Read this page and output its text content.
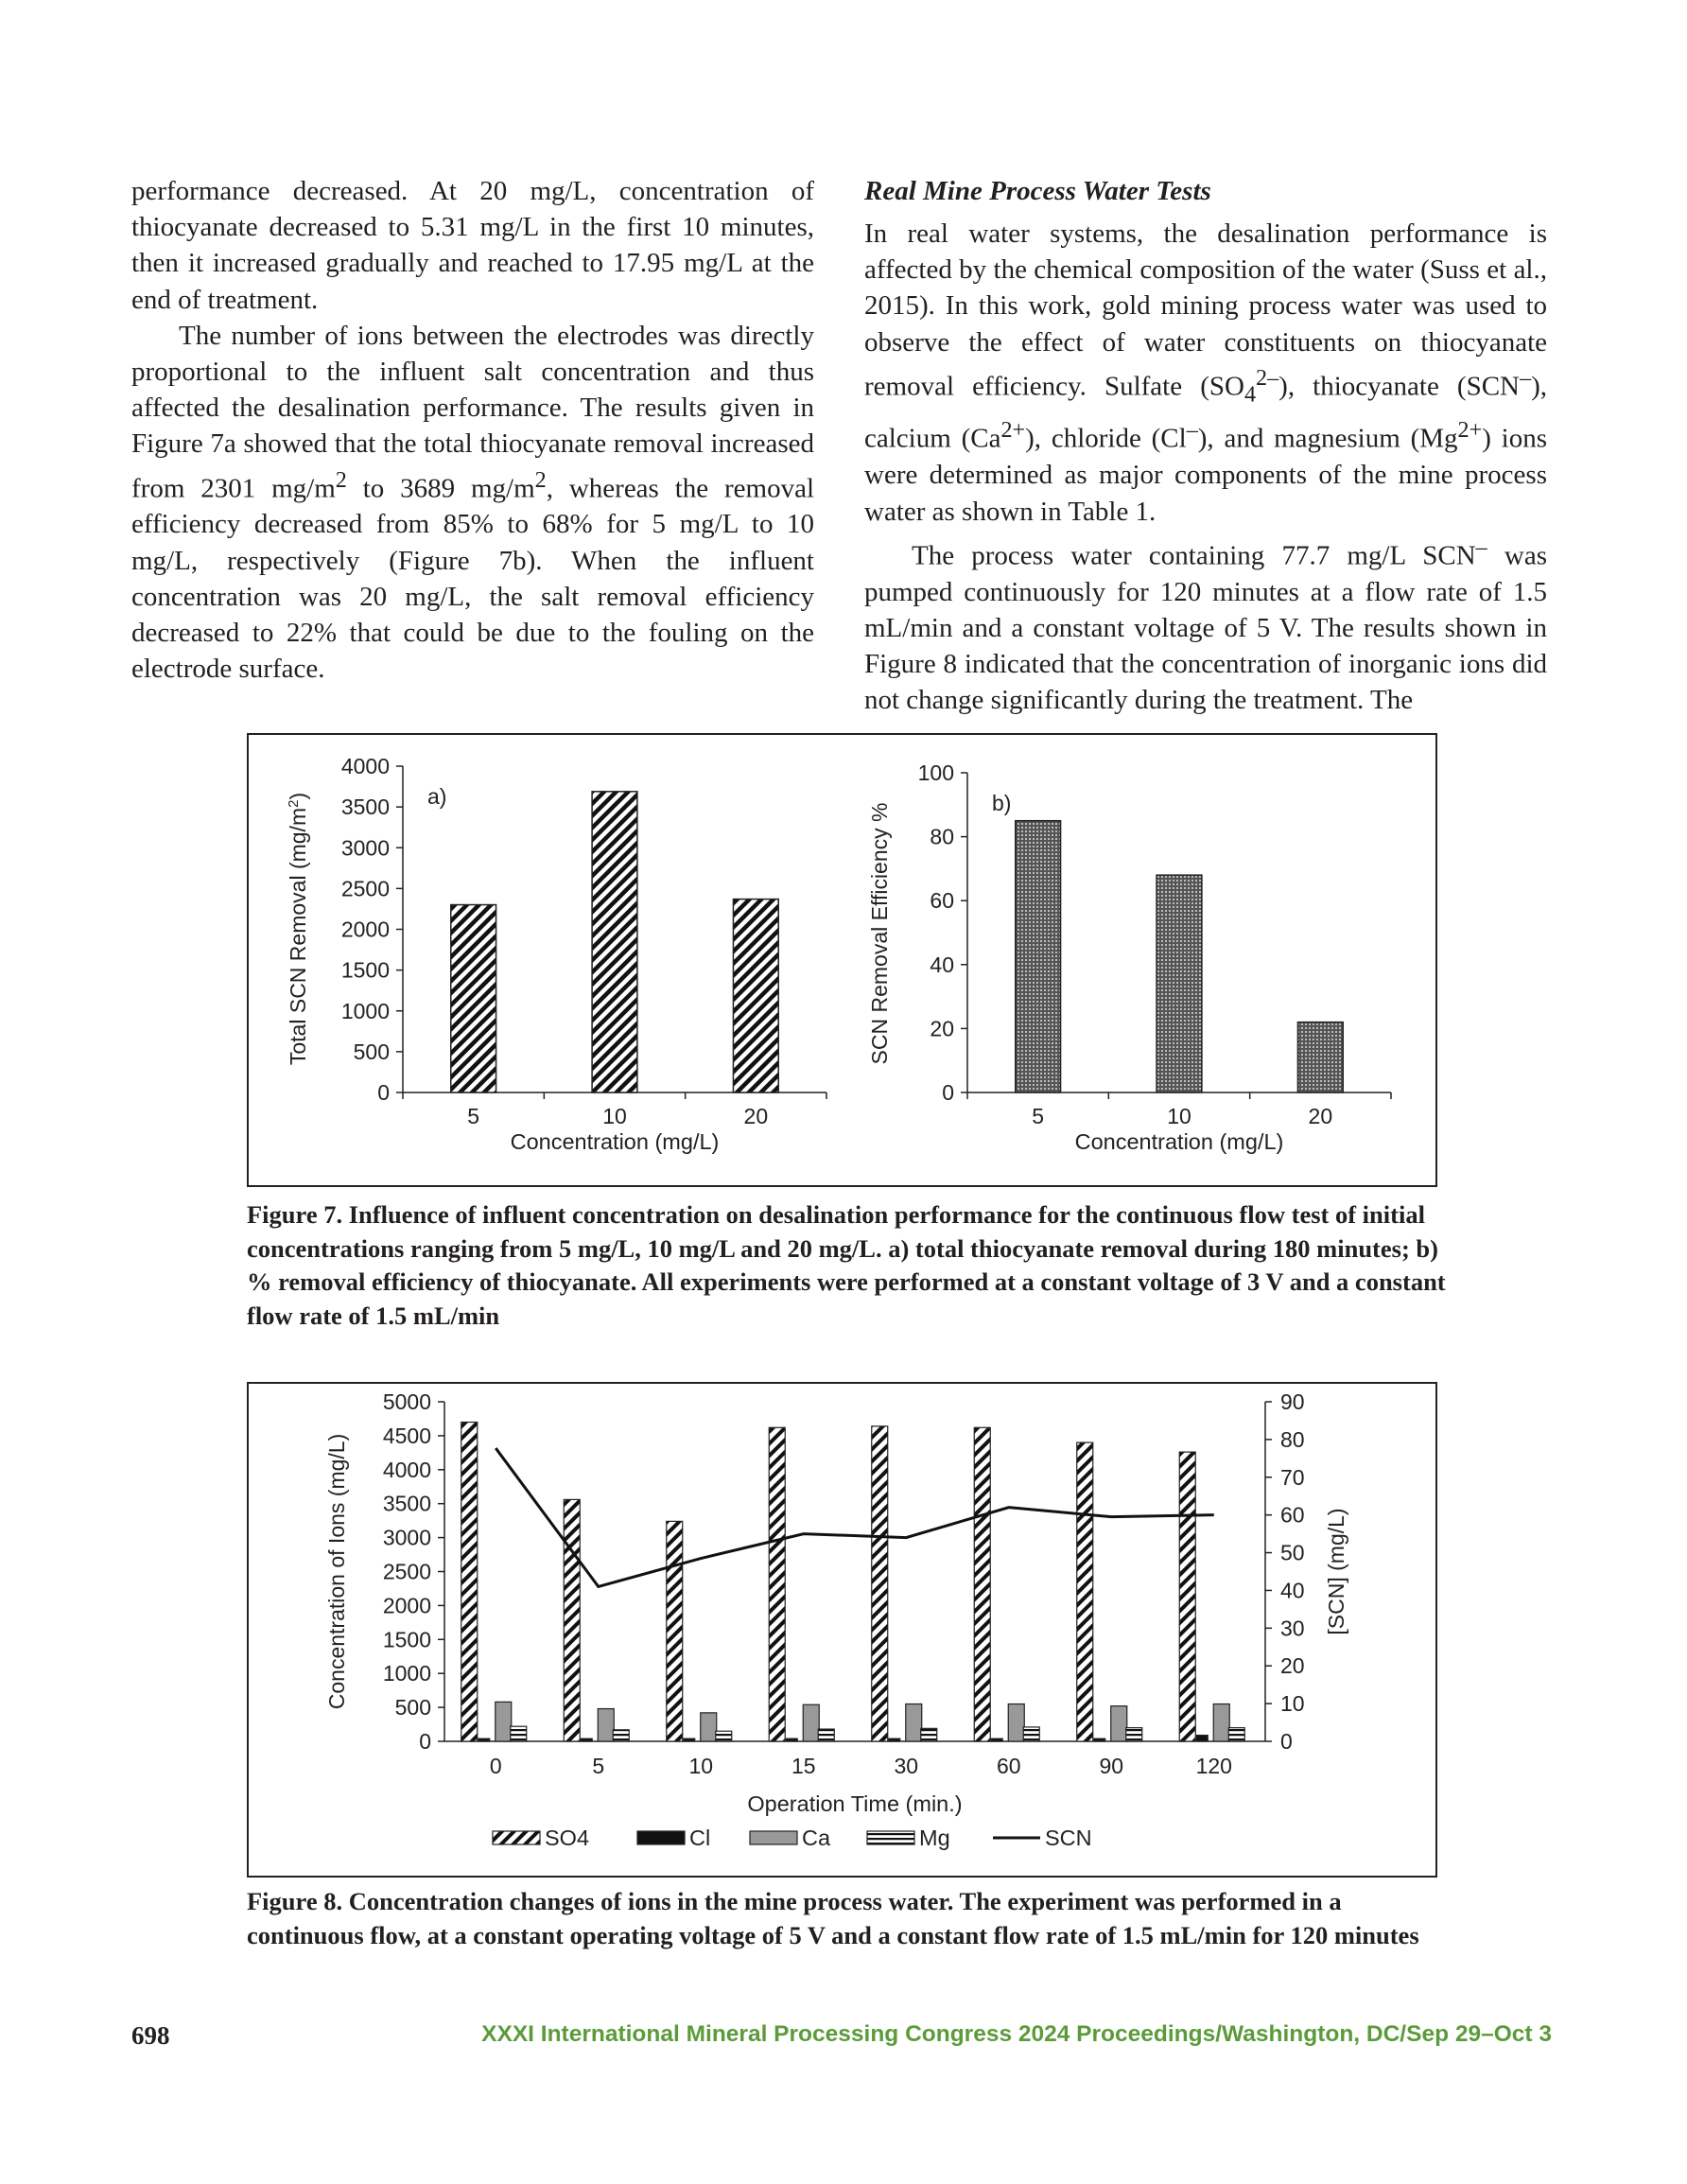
performance decreased. At 20 mg/L, concentration of thiocyanate decreased to 5.31 mg/L in the first 10 minutes, then it increased gradually and reached to 17.95 mg/L at the end of treatment.

The number of ions between the electrodes was directly proportional to the influent salt concentration and thus affected the desalination performance. The results given in Figure 7a showed that the total thiocyanate removal increased from 2301 $mg/m^2$ to 3689 $mg/m^2$, whereas the removal efficiency decreased from 85% to 68% for 5 mg/L to 10 mg/L, respectively (Figure 7b). When the influent concentration was 20 mg/L, the salt removal efficiency decreased to 22% that could be due to the fouling on the electrode surface.

Real Mine Process Water Tests

In real water systems, the desalination performance is affected by the chemical composition of the water (Suss et al., 2015). In this work, gold mining process water was used to observe the effect of water constituents on thiocyanate removal efficiency. Sulfate $(SO_4^{2-})$, thiocyanate (SCN–), calcium $(Ca^{2+})$, chloride (Cl–), and magnesium $(Mg^{2+})$ ions were determined as major components of the mine process water as shown in Table 1.

The process water containing 77.7 mg/L SCN– was pumped continuously for 120 minutes at a flow rate of 1.5 mL/min and a constant voltage of 5 V. The results shown in Figure 8 indicated that the concentration of inorganic ions did not change significantly during the treatment. The

0
500
1000
1500
2000
2500
3000
3500
4000
5	10	20
Concentration (mg/L)
a)
Total SCN Removal $(mg/m^2)$
0
20
40
60
80
100
5	10	20
Concentration (mg/L)
b)
SCN Removal Efficiency %
Figure 7. Influence of influent concentration on desalination performance for the continuous flow test of initial concentrations ranging from 5 mg/L, 10 mg/L and 20 mg/L. a) total thiocyanate removal during 180 minutes; b) % removal efficiency of thiocyanate. All experiments were performed at a constant voltage of 3 V and a constant flow rate of 1.5 mL/min
0
500
1000
1500
2000
2500
3000
3500
4000
4500
5000
0
10
20
30
40
50
60
70
80
90
0	5	10	15	30	60	90	120
Operation Time (min.)
Concentration of Ions (mg/L)	[SCN] (mg/L)
SO4	Cl	Ca	Mg	SCN
Figure 8. Concentration changes of ions in the mine process water. The experiment was performed in a continuous flow, at a constant operating voltage of 5 V and a constant flow rate of 1.5 mL/min for 120 minutes
698	XXXI International Mineral Processing Congress 2024 Proceedings/Washington, DC/Sep 29–Oct 3
